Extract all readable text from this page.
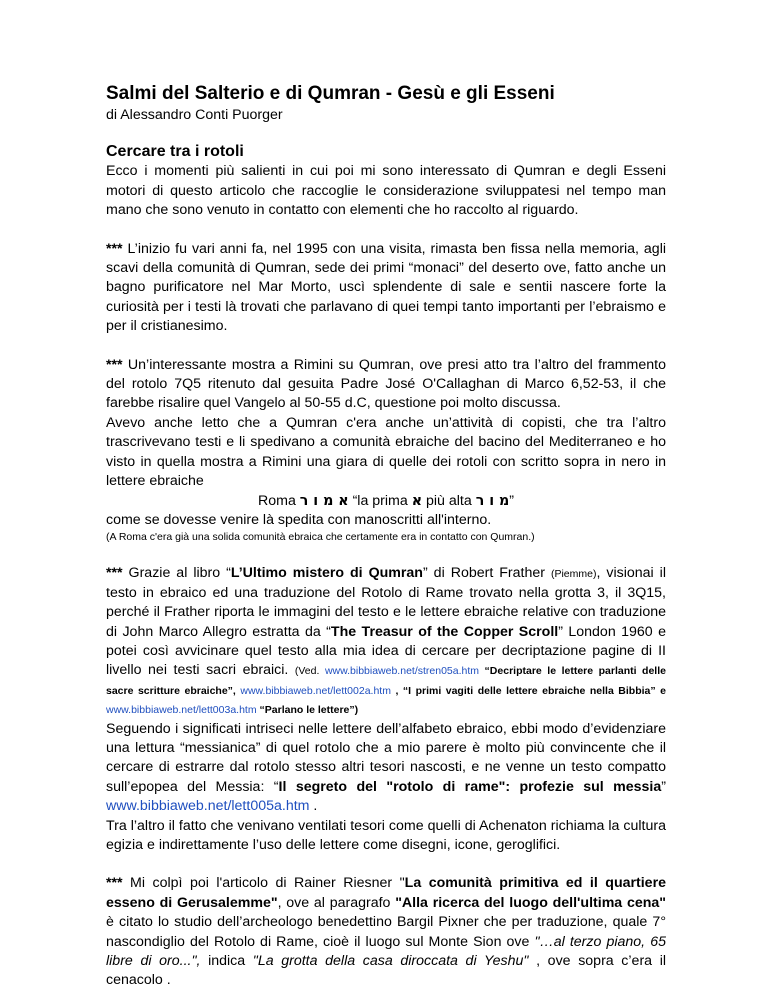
Salmi del Salterio e di Qumran - Gesù e gli Esseni
di Alessandro Conti Puorger
Cercare tra i rotoli

Ecco i momenti più salienti in cui poi mi sono interessato di Qumran e degli Esseni motori di questo articolo che raccoglie le considerazione sviluppatesi nel tempo man mano che sono venuto in contatto con elementi che ho raccolto al riguardo.

*** L’inizio fu vari anni fa, nel 1995 con una visita, rimasta ben fissa nella memoria, agli scavi della comunità di Qumran, sede dei primi “monaci” del deserto ove, fatto anche un bagno purificatore nel Mar Morto, uscì splendente di sale e sentii nascere forte la curiosità per i testi là trovati che parlavano di quei tempi tanto importanti per l’ebraismo e per il cristianesimo.

*** Un’interessante mostra a Rimini su Qumran, ove presi atto tra l’altro del frammento del rotolo 7Q5 ritenuto dal gesuita Padre José O'Callaghan di Marco 6,52-53, il che farebbe risalire quel Vangelo al 50-55 d.C, questione poi molto discussa.

Avevo anche letto che a Qumran c'era anche un’attività di copisti, che tra l’altro trascrivevano testi e li spedivano a comunità ebraiche del bacino del Mediterraneo e ho visto in quella mostra a Rimini una giara di quelle dei rotoli con scritto sopra in nero in lettere ebraiche

Roma א מ ו ר “la prima א più alta מ ו ר”

come se dovesse venire là spedita con manoscritti all'interno.

(A Roma c'era già una solida comunità ebraica che certamente era in contatto con Qumran.)

*** Grazie al libro “L’Ultimo mistero di Qumran” di Robert Frather (Piemme), visionai il testo in ebraico ed una traduzione del Rotolo di Rame trovato nella grotta 3, il 3Q15, perché il Frather riporta le immagini del testo e le lettere ebraiche relative con traduzione di John Marco Allegro estratta da “The Treasur of the Copper Scroll” London 1960 e potei così avvicinare quel testo alla mia idea di cercare per decriptazione pagine di II livello nei testi sacri ebraici. (Ved. www.bibbiaweb.net/stren05a.htm “Decriptare le lettere parlanti delle sacre scritture ebraiche”, www.bibbiaweb.net/lett002a.htm , “I primi vagiti delle lettere ebraiche nella Bibbia” e www.bibbiaweb.net/lett003a.htm “Parlano le lettere”)

Seguendo i significati intriseci nelle lettere dell’alfabeto ebraico, ebbi modo d’evidenziare una lettura “messianica” di quel rotolo che a mio parere è molto più convincente che il cercare di estrarre dal rotolo stesso altri tesori nascosti, e ne venne un testo compatto sull’epopea del Messia: “Il segreto del "rotolo di rame": profezie sul messia” www.bibbiaweb.net/lett005a.htm .

Tra l’altro il fatto che venivano ventilati tesori come quelli di Achenaton richiama la cultura egizia e indirettamente l’uso delle lettere come disegni, icone, geroglifici.

*** Mi colpì poi l'articolo di Rainer Riesner "La comunità primitiva ed il quartiere esseno di Gerusalemme", ove al paragrafo "Alla ricerca del luogo dell'ultima cena" è citato lo studio dell’archeologo benedettino Bargil Pixner che per traduzione, quale 7° nascondiglio del Rotolo di Rame, cioè il luogo sul Monte Sion ove "…al terzo piano, 65 libre di oro...", indica "La grotta della casa diroccata di Yeshu" , ove sopra c’era il cenacolo .
